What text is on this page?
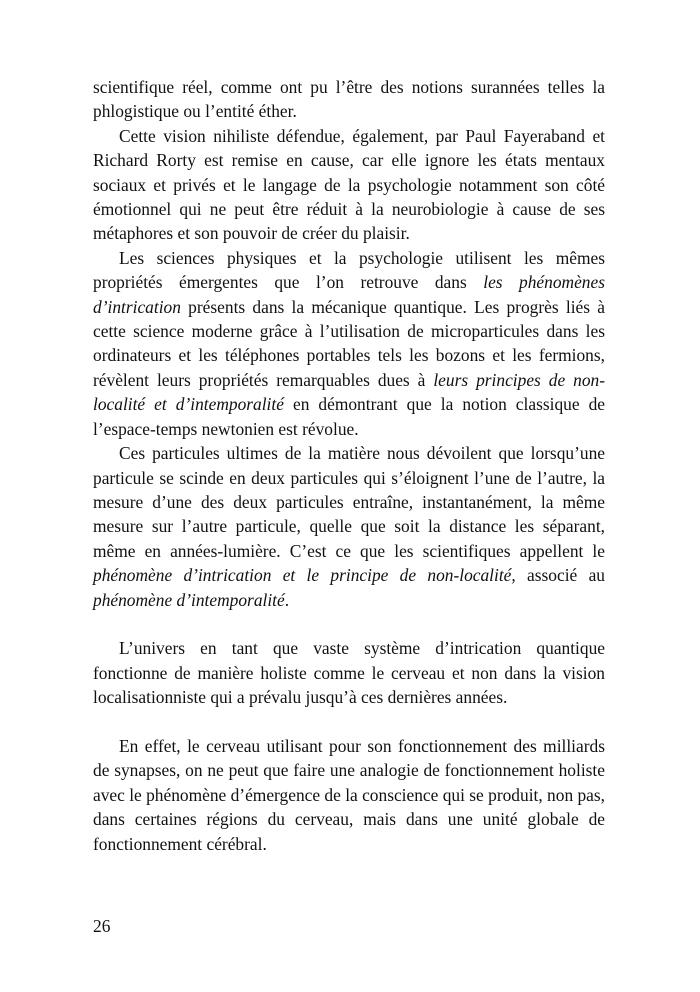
scientifique réel, comme ont pu l’être des notions surannées telles la phlogistique ou l’entité éther.

Cette vision nihiliste défendue, également, par Paul Fayeraband et Richard Rorty est remise en cause, car elle ignore les états mentaux sociaux et privés et le langage de la psychologie notamment son côté émotionnel qui ne peut être réduit à la neurobiologie à cause de ses métaphores et son pouvoir de créer du plaisir.

Les sciences physiques et la psychologie utilisent les mêmes propriétés émergentes que l’on retrouve dans les phénomènes d’intrication présents dans la mécanique quantique. Les progrès liés à cette science moderne grâce à l’utilisation de microparticules dans les ordinateurs et les téléphones portables tels les bozons et les fermions, révèlent leurs propriétés remarquables dues à leurs principes de non-localité et d’intemporalité en démontrant que la notion classique de l’espace-temps newtonien est révolue.

Ces particules ultimes de la matière nous dévoilent que lorsqu’une particule se scinde en deux particules qui s’éloignent l’une de l’autre, la mesure d’une des deux particules entraîne, instantanément, la même mesure sur l’autre particule, quelle que soit la distance les séparant, même en années-lumière. C’est ce que les scientifiques appellent le phénomène d’intrication et le principe de non-localité, associé au phénomène d’intemporalité.

L’univers en tant que vaste système d’intrication quantique fonctionne de manière holiste comme le cerveau et non dans la vision localisationniste qui a prévalu jusqu’à ces dernières années.

En effet, le cerveau utilisant pour son fonctionnement des milliards de synapses, on ne peut que faire une analogie de fonctionnement holiste avec le phénomène d’émergence de la conscience qui se produit, non pas, dans certaines régions du cerveau, mais dans une unité globale de fonctionnement cérébral.

26
